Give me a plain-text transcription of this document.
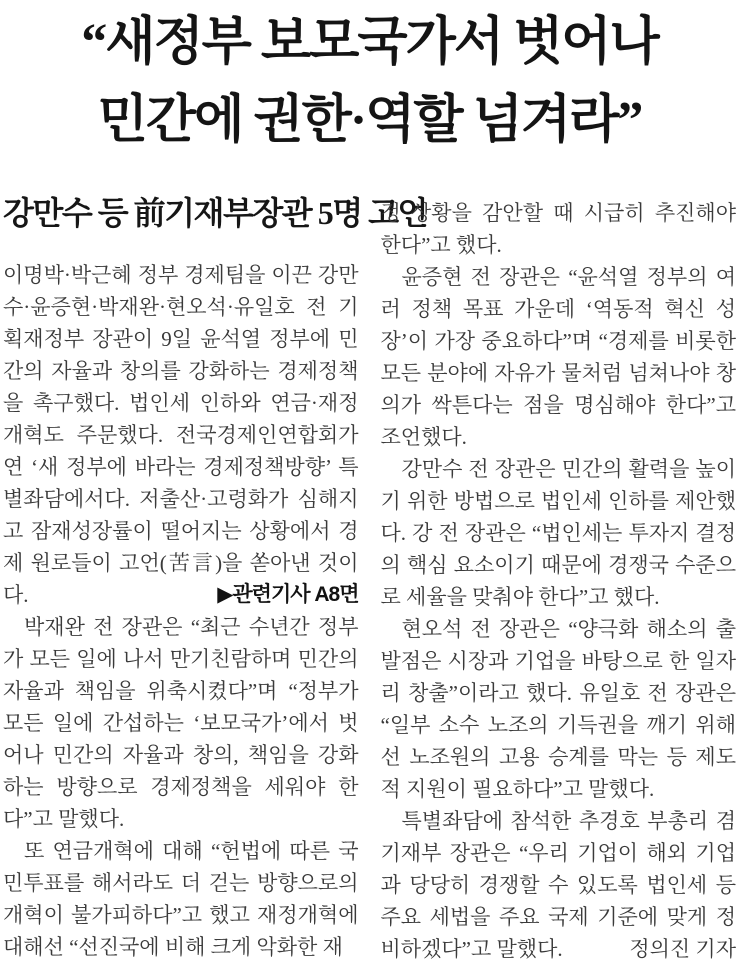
“새정부 보모국가서 벗어나
민간에 권한·역할 넘겨라”
강만수 등 前기재부장관 5명 고언

이명박·박근혜 정부 경제팀을 이끈 강만수·윤증현·박재완·현오석·유일호 전 기획재정부 장관이 9일 윤석열 정부에 민간의 자율과 창의를 강화하는 경제정책을 촉구했다. 법인세 인하와 연금·재정개혁도 주문했다. 전국경제인연합회가 연 ‘새 정부에 바라는 경제정책방향’ 특별좌담에서다. 저출산·고령화가 심해지고 잠재성장률이 떨어지는 상황에서 경제 원로들이 고언(苦言)을 쏟아낸 것이다.	▶관련기사 A8면

박재완 전 장관은 “최근 수년간 정부가 모든 일에 나서 만기친람하며 민간의 자율과 책임을 위축시켰다”며 “정부가 모든 일에 간섭하는 ‘보모국가’에서 벗어나 민간의 자율과 창의, 책임을 강화하는 방향으로 경제정책을 세워야 한다”고 말했다.

또 연금개혁에 대해 “헌법에 따른 국민투표를 해서라도 더 걷는 방향으로의 개혁이 불가피하다”고 했고 재정개혁에 대해선 “선진국에 비해 크게 악화한 재

정 상황을 감안할 때 시급히 추진해야 한다”고 했다.

윤증현 전 장관은 “윤석열 정부의 여러 정책 목표 가운데 ‘역동적 혁신 성장’이 가장 중요하다”며 “경제를 비롯한 모든 분야에 자유가 물처럼 넘쳐나야 창의가 싹튼다는 점을 명심해야 한다”고 조언했다.

강만수 전 장관은 민간의 활력을 높이기 위한 방법으로 법인세 인하를 제안했다. 강 전 장관은 “법인세는 투자지 결정의 핵심 요소이기 때문에 경쟁국 수준으로 세율을 맞춰야 한다”고 했다.

현오석 전 장관은 “양극화 해소의 출발점은 시장과 기업을 바탕으로 한 일자리 창출”이라고 했다. 유일호 전 장관은 “일부 소수 노조의 기득권을 깨기 위해선 노조원의 고용 승계를 막는 등 제도적 지원이 필요하다”고 말했다.

특별좌담에 참석한 추경호 부총리 겸 기재부 장관은 “우리 기업이 해외 기업과 당당히 경쟁할 수 있도록 법인세 등 주요 세법을 주요 국제 기준에 맞게 정비하겠다”고 말했다.	정의진 기자
